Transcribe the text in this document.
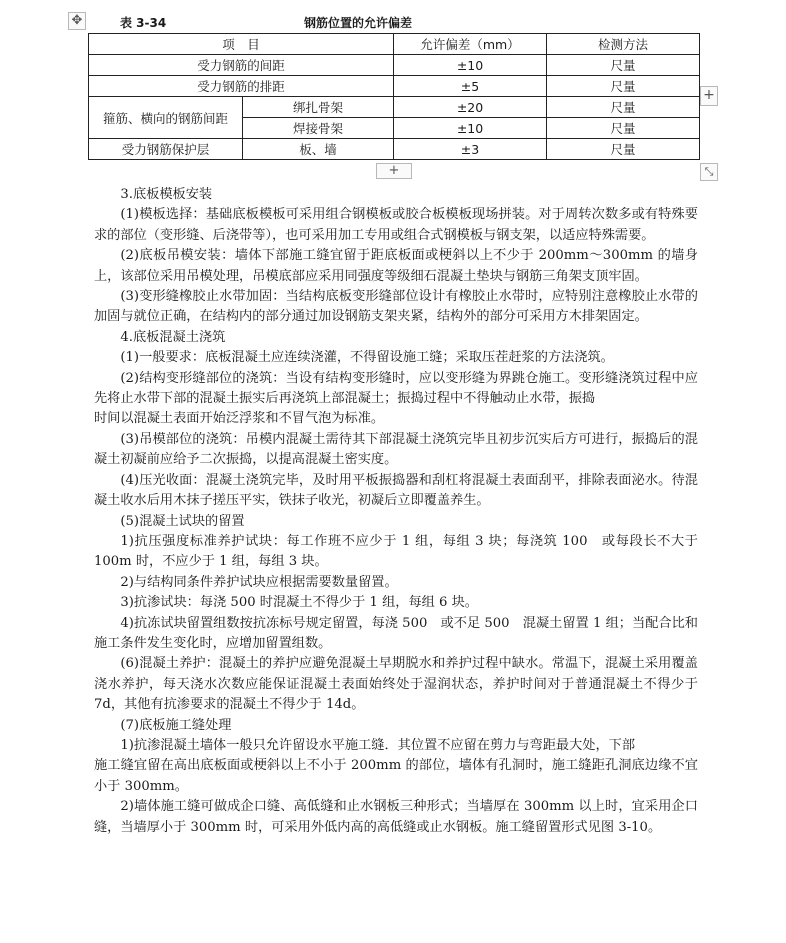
✥	表 3-34	钢筋位置的允许偏差
项　目		允许偏差（mm）	检测方法
受力钢筋的间距		±10	尺量
受力钢筋的排距		±5	尺量
箍筋、横向的钢筋间距	绑扎骨架	±20	尺量
	焊接骨架	±10	尺量
受力钢筋保护层	板、墙	±3	尺量
+
+	⤡

3.底板模板安装

(1)模板选择：基础底板模板可采用组合钢模板或胶合板模板现场拼装。对于周转次数多或有特殊要求的部位（变形缝、后浇带等），也可采用加工专用或组合式钢模板与钢支架，以适应特殊需要。

(2)底板吊模安装：墙体下部施工缝宜留于距底板面或梗斜以上不少于 200mm～300mm 的墙身上，该部位采用吊模处理，吊模底部应采用同强度等级细石混凝土垫块与钢筋三角架支顶牢固。

(3)变形缝橡胶止水带加固：当结构底板变形缝部位设计有橡胶止水带时，应特别注意橡胶止水带的加固与就位正确，在结构内的部分通过加设钢筋支架夹紧，结构外的部分可采用方木排架固定。

4.底板混凝土浇筑

(1)一般要求：底板混凝土应连续浇灌，不得留设施工缝；采取压茬赶浆的方法浇筑。

(2)结构变形缝部位的浇筑：当设有结构变形缝时，应以变形缝为界跳仓施工。变形缝浇筑过程中应先将止水带下部的混凝土振实后再浇筑上部混凝土；振捣过程中不得触动止水带，振捣

时间以混凝土表面开始泛浮浆和不冒气泡为标准。

(3)吊模部位的浇筑：吊模内混凝土需待其下部混凝土浇筑完毕且初步沉实后方可进行，振捣后的混凝土初凝前应给予二次振捣，以提高混凝土密实度。

(4)压光收面：混凝土浇筑完毕，及时用平板振捣器和刮杠将混凝土表面刮平，排除表面泌水。待混凝土收水后用木抹子搓压平实，铁抹子收光，初凝后立即覆盖养生。

(5)混凝土试块的留置

1)抗压强度标准养护试块：每工作班不应少于 1 组，每组 3 块；每浇筑 100　或每段长不大于 100m 时，不应少于 1 组，每组 3 块。

2)与结构同条件养护试块应根据需要数量留置。

3)抗渗试块：每浇 500 时混凝土不得少于 1 组，每组 6 块。

4)抗冻试块留置组数按抗冻标号规定留置，每浇 500　或不足 500　混凝土留置 1 组；当配合比和施工条件发生变化时，应增加留置组数。

(6)混凝土养护：混凝土的养护应避免混凝土早期脱水和养护过程中缺水。常温下，混凝土采用覆盖浇水养护，每天浇水次数应能保证混凝土表面始终处于湿润状态，养护时间对于普通混凝土不得少于 7d，其他有抗渗要求的混凝土不得少于 14d。

(7)底板施工缝处理

1)抗渗混凝土墙体一般只允许留设水平施工缝．其位置不应留在剪力与弯距最大处，下部

施工缝宜留在高出底板面或梗斜以上不小于 200mm 的部位，墙体有孔洞时，施工缝距孔洞底边缘不宜小于 300mm。

2)墙体施工缝可做成企口缝、高低缝和止水钢板三种形式；当墙厚在 300mm 以上时，宜采用企口缝，当墙厚小于 300mm 时，可采用外低内高的高低缝或止水钢板。施工缝留置形式见图 3-10。
